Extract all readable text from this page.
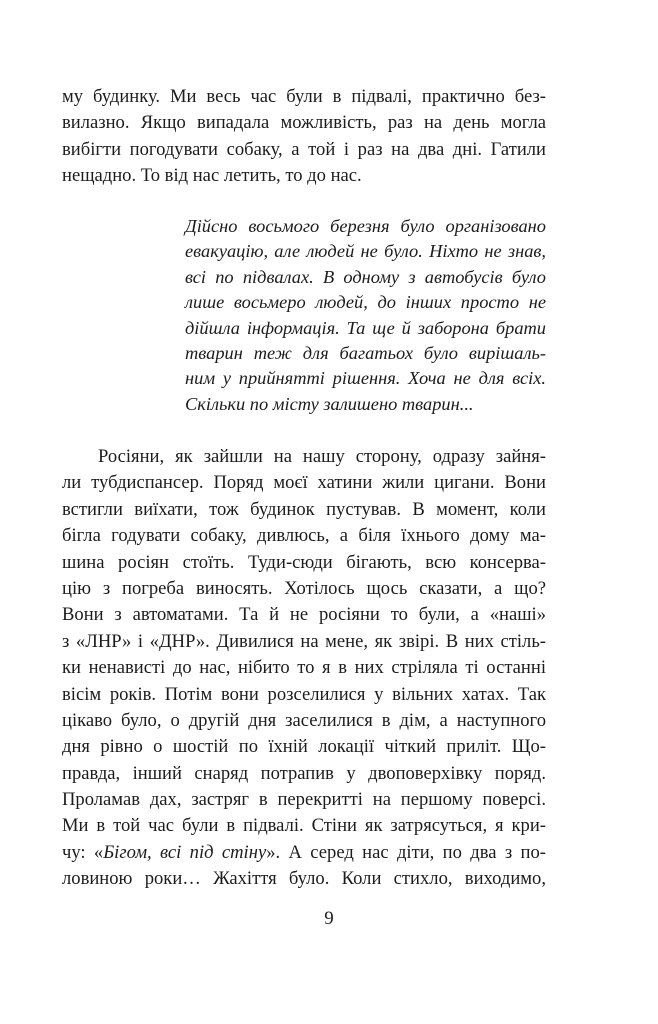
му будинку. Ми весь час були в підвалі, практично без-
вилазно. Якщо випадала можливість, раз на день могла
вибігти погодувати собаку, а той і раз на два дні. Гатили
нещадно. То від нас летить, то до нас.
Дійсно восьмого березня було організовано
евакуацію, але людей не було. Ніхто не знав,
всі по підвалах. В одному з автобусів було
лише восьмеро людей, до інших просто не
дійшла інформація. Та ще й заборона брати
тварин теж для багатьох було вирішаль-
ним у прийнятті рішення. Хоча не для всіх.
Скільки по місту залишено тварин...
Росіяни, як зайшли на нашу сторону, одразу зайня-
ли тубдиспансер. Поряд моєї хатини жили цигани. Вони
встигли виїхати, тож будинок пустував. В момент, коли
бігла годувати собаку, дивлюсь, а біля їхнього дому ма-
шина росіян стоїть. Туди-сюди бігають, всю консерва-
цію з погреба виносять. Хотілось щось сказати, а що?
Вони з автоматами. Та й не росіяни то були, а «наші»
з «ЛНР» і «ДНР». Дивилися на мене, як звірі. В них стіль-
ки ненависті до нас, нібито то я в них стріляла ті останні
вісім років. Потім вони розселилися у вільних хатах. Так
цікаво було, о другій дня заселилися в дім, а наступного
дня рівно о шостій по їхній локації чіткий приліт. Що-
правда, інший снаряд потрапив у двоповерхівку поряд.
Проламав дах, застряг в перекритті на першому поверсі.
Ми в той час були в підвалі. Стіни як затрясуться, я кри-
чу: «Бігом, всі під стіну». А серед нас діти, по два з по-
ловиною роки… Жахіття було. Коли стихло, виходимо,
9
